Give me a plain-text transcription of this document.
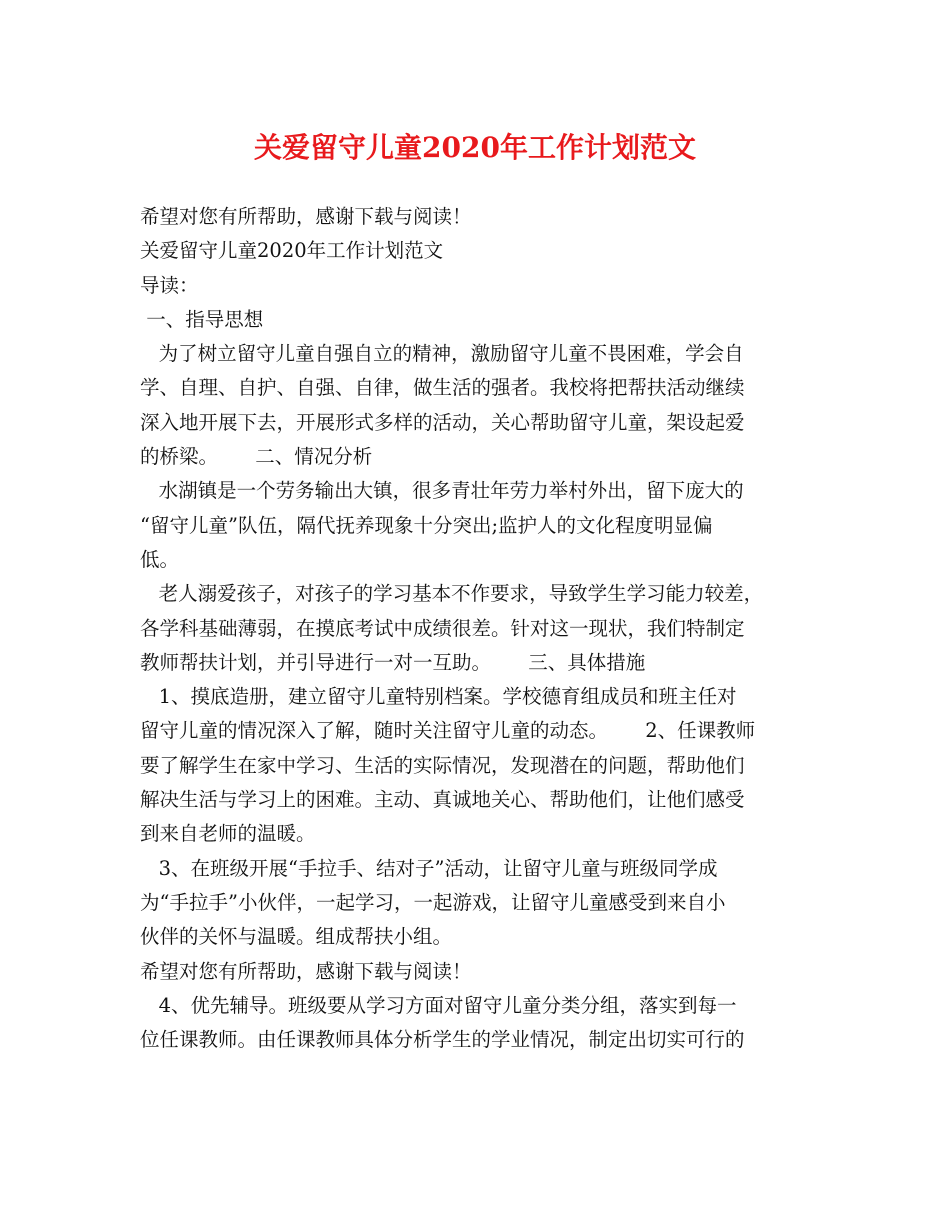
关爱留守儿童2020年工作计划范文
希望对您有所帮助，感谢下载与阅读！
关爱留守儿童2020年工作计划范文
导读：
一、指导思想
为了树立留守儿童自强自立的精神，激励留守儿童不畏困难，学会自
学、自理、自护、自强、自律，做生活的强者。我校将把帮扶活动继续
深入地开展下去，开展形式多样的活动，关心帮助留守儿童，架设起爱
的桥梁。      二、情况分析
水湖镇是一个劳务输出大镇，很多青壮年劳力举村外出，留下庞大的
“留守儿童”队伍，隔代抚养现象十分突出;监护人的文化程度明显偏
低。
老人溺爱孩子，对孩子的学习基本不作要求，导致学生学习能力较差，
各学科基础薄弱，在摸底考试中成绩很差。针对这一现状，我们特制定
教师帮扶计划，并引导进行一对一互助。      三、具体措施
1、摸底造册，建立留守儿童特别档案。学校德育组成员和班主任对
留守儿童的情况深入了解，随时关注留守儿童的动态。      2、任课教师
要了解学生在家中学习、生活的实际情况，发现潜在的问题，帮助他们
解决生活与学习上的困难。主动、真诚地关心、帮助他们，让他们感受
到来自老师的温暖。
3、在班级开展“手拉手、结对子”活动，让留守儿童与班级同学成
为“手拉手”小伙伴，一起学习，一起游戏，让留守儿童感受到来自小
伙伴的关怀与温暖。组成帮扶小组。
希望对您有所帮助，感谢下载与阅读！
4、优先辅导。班级要从学习方面对留守儿童分类分组，落实到每一
位任课教师。由任课教师具体分析学生的学业情况，制定出切实可行的
